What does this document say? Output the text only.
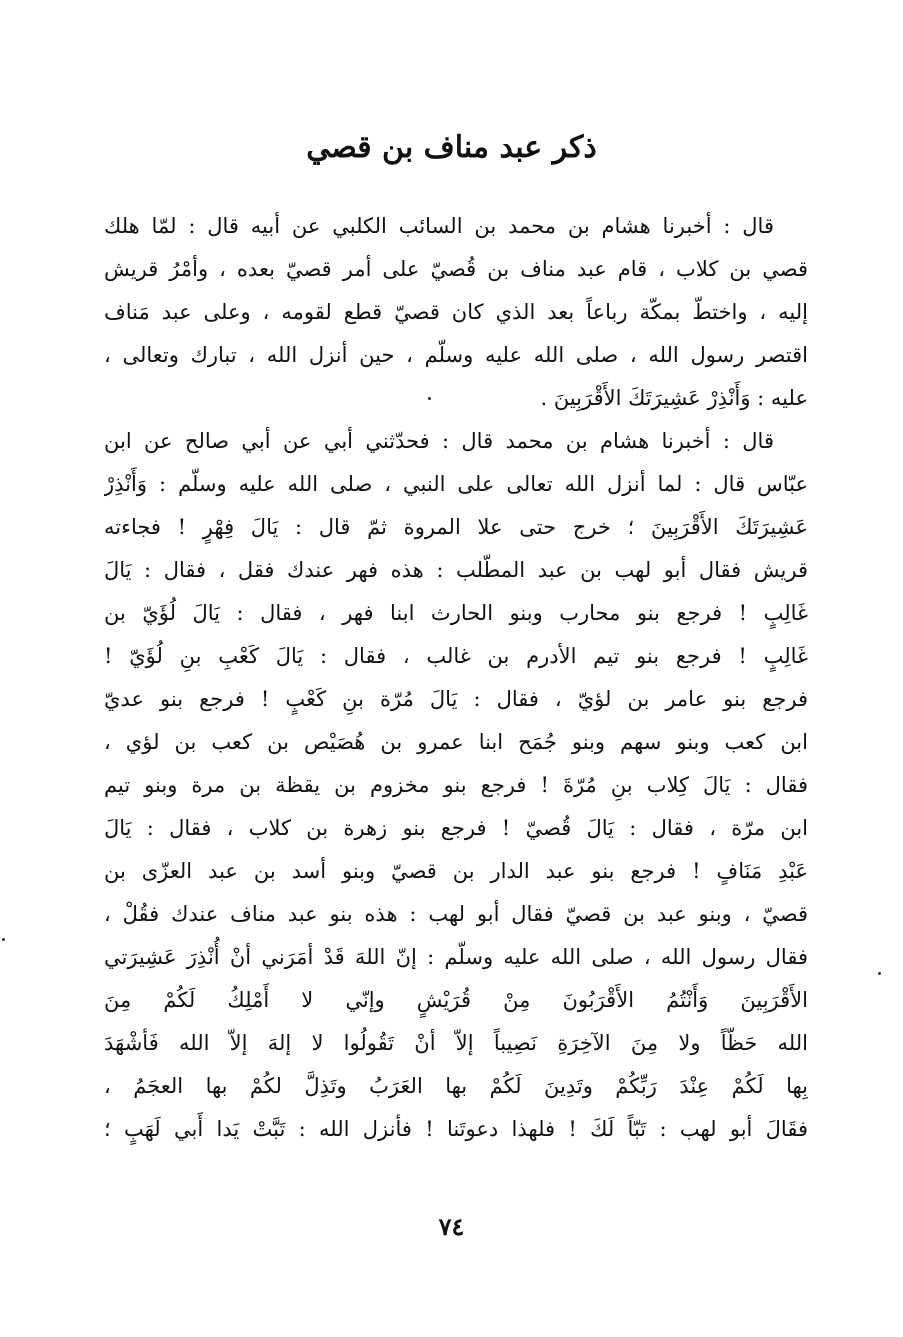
ذكر عبد مناف بن قصي
قال : أخبرنا هشام بن محمد بن السائب الكلبي عن أبيه قال : لمّا هلك
قصي بن كلاب ، قام عبد مناف بن قُصيّ على أمر قصيّ بعده ، وأمْرُ قريش
إليه ، واختطّ بمكّة رباعاً بعد الذي كان قصيّ قطع لقومه ، وعلى عبد مَناف
اقتصر رسول الله ، صلى الله عليه وسلّم ، حين أنزل الله ، تبارك وتعالى ،
عليه : وَأَنْذِرْ عَشِيرَتَكَ الأَقْرَبِينَ .
قال : أخبرنا هشام بن محمد قال : فحدّثني أبي عن أبي صالح عن ابن
عبّاس قال : لما أنزل الله تعالى على النبي ، صلى الله عليه وسلّم : وَأَنْذِرْ
عَشِيرَتَكَ الأَقْرَبِينَ ؛ خرج حتى علا المروة ثمّ قال : يَالَ فِهْرٍ ! فجاءته
قريش فقال أبو لهب بن عبد المطّلب : هذه فهر عندك فقل ، فقال : يَالَ
غَالِبٍ ! فرجع بنو محارب وبنو الحارث ابنا فهر ، فقال : يَالَ لُؤَيّ بن
غَالِبٍ ! فرجع بنو تيم الأدرم بن غالب ، فقال : يَالَ كَعْبِ بنِ لُؤَيّ !
فرجع بنو عامر بن لؤيّ ، فقال : يَالَ مُرّة بنِ كَعْبٍ ! فرجع بنو عديّ
ابن كعب وبنو سهم وبنو جُمَح ابنا عمرو بن هُصَيْص بن كعب بن لؤي ،
فقال : يَالَ كِلاب بنِ مُرّةَ ! فرجع بنو مخزوم بن يقظة بن مرة وبنو تيم
ابن مرّة ، فقال : يَالَ قُصيّ ! فرجع بنو زهرة بن كلاب ، فقال : يَالَ
عَبْدِ مَنَافٍ ! فرجع بنو عبد الدار بن قصيّ وبنو أسد بن عبد العزّى بن
قصيّ ، وبنو عبد بن قصيّ فقال أبو لهب : هذه بنو عبد مناف عندك فقُلْ ،
فقال رسول الله ، صلى الله عليه وسلّم : إنّ اللهَ قَدْ أمَرَني أنْ أُنْذِرَ عَشِيرَتي
الأَقْرَبِينَ وَأَنْتُمُ الأَقْرَبُونَ مِنْ قُرَيْشٍ وإنّي لا أَمْلِكُ لَكُمْ مِنَ
الله حَظّاً ولا مِنَ الآخِرَةِ نَصِيباً إلاّ أنْ تَقُولُوا لا إلهَ إلاّ الله فَأشْهَدَ
بِها لَكُمْ عِنْدَ رَبِّكُمْ وتَدِينَ لَكُمْ بها العَرَبُ وتَذِلَّ لكُمْ بها العجَمُ ،
فقَالَ أبو لهب : تَبّاً لَكَ ! فلهذا دعوتَنا ! فأنزل الله : تَبَّتْ يَدا أَبي لَهَبٍ ؛
٧٤
